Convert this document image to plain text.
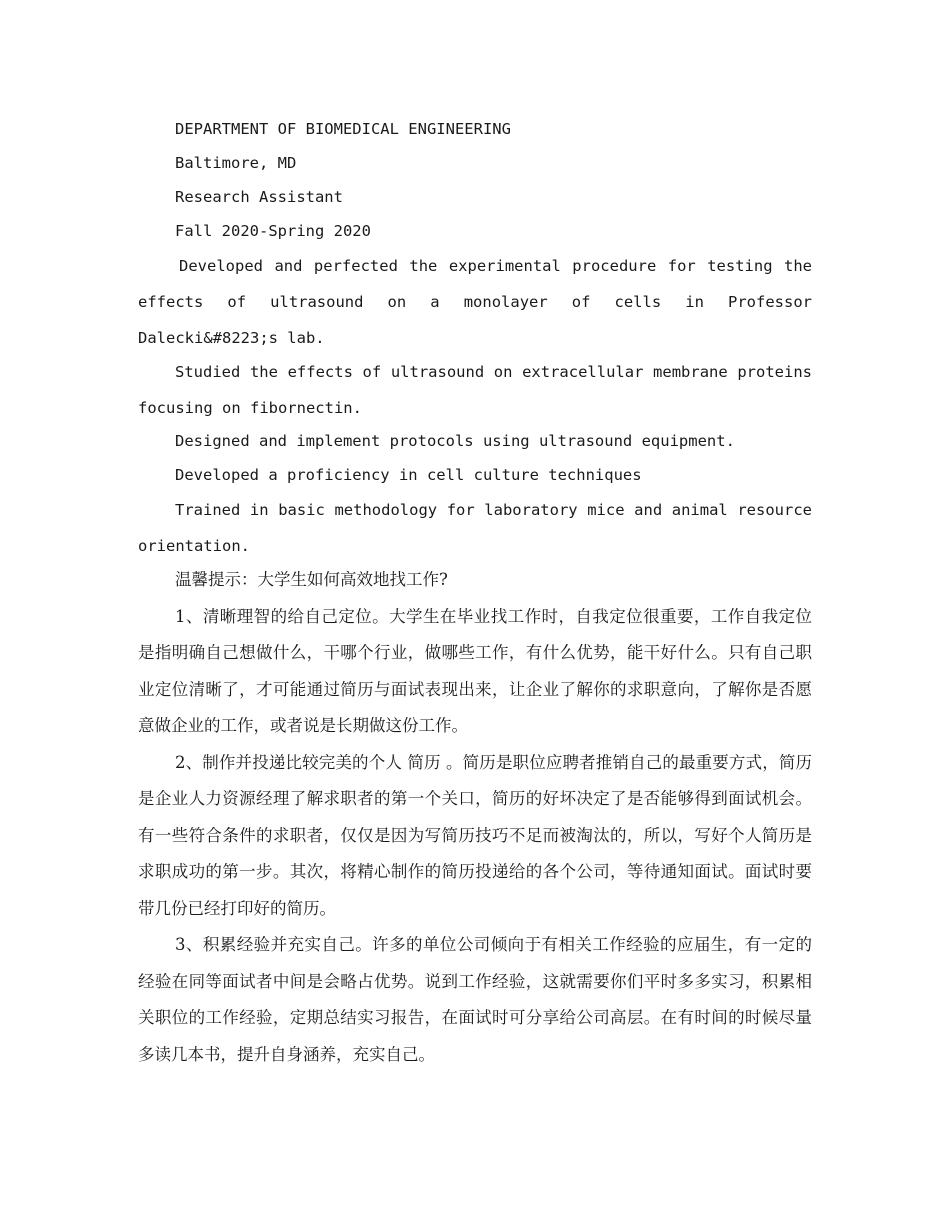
DEPARTMENT OF BIOMEDICAL ENGINEERING

Baltimore, MD

Research Assistant

Fall 2020-Spring 2020

Developed and perfected the experimental procedure for testing the effects of ultrasound on a monolayer of cells in Professor Dalecki&#8223;s lab.

Studied the effects of ultrasound on extracellular membrane proteins focusing on fibornectin.

Designed and implement protocols using ultrasound equipment.

Developed a proficiency in cell culture techniques

Trained in basic methodology for laboratory mice and animal resource orientation.

温馨提示：大学生如何高效地找工作?

1、清晰理智的给自己定位。大学生在毕业找工作时，自我定位很重要，工作自我定位是指明确自己想做什么，干哪个行业，做哪些工作，有什么优势，能干好什么。只有自己职业定位清晰了，才可能通过简历与面试表现出来，让企业了解你的求职意向，了解你是否愿意做企业的工作，或者说是长期做这份工作。

2、制作并投递比较完美的个人 简历 。简历是职位应聘者推销自己的最重要方式，简历是企业人力资源经理了解求职者的第一个关口，简历的好坏决定了是否能够得到面试机会。有一些符合条件的求职者，仅仅是因为写简历技巧不足而被淘汰的，所以，写好个人简历是求职成功的第一步。其次，将精心制作的简历投递给的各个公司，等待通知面试。面试时要带几份已经打印好的简历。

3、积累经验并充实自己。许多的单位公司倾向于有相关工作经验的应届生，有一定的经验在同等面试者中间是会略占优势。说到工作经验，这就需要你们平时多多实习，积累相关职位的工作经验，定期总结实习报告，在面试时可分享给公司高层。在有时间的时候尽量多读几本书，提升自身涵养，充实自己。
